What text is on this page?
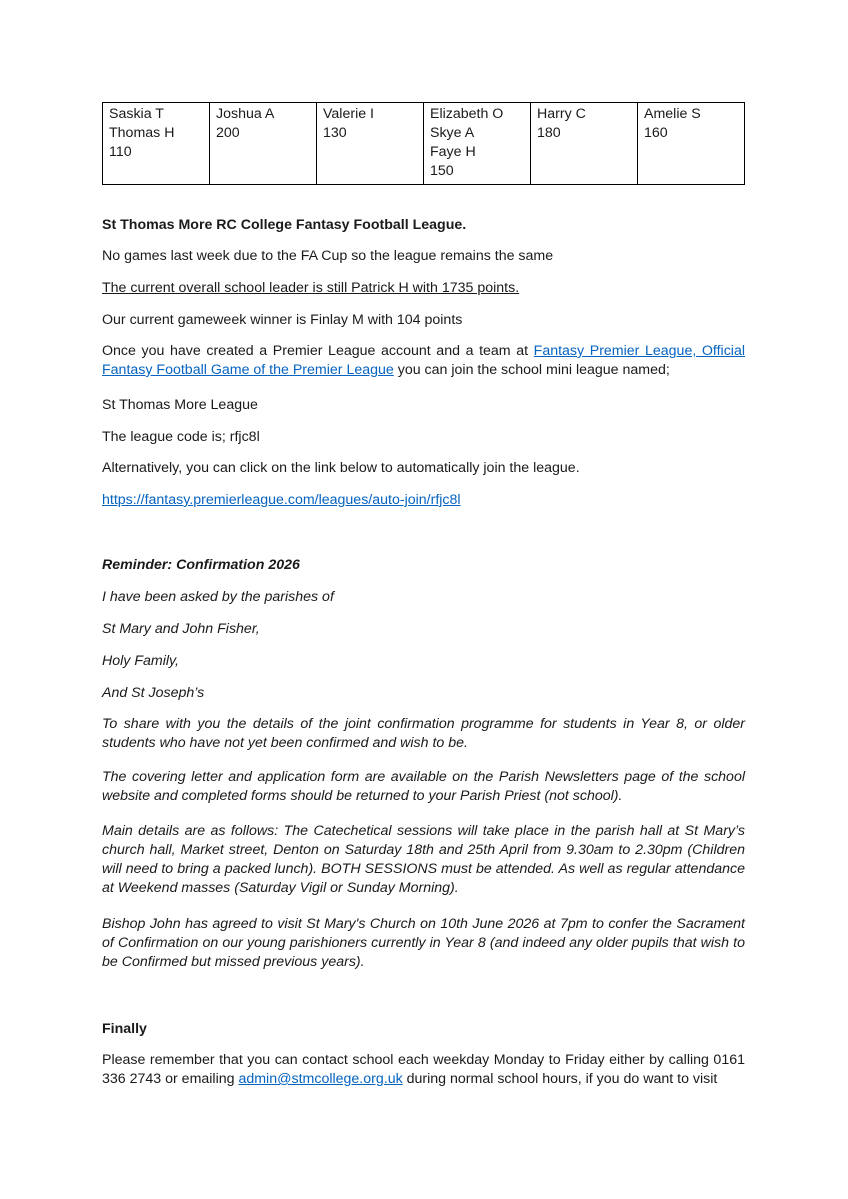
Saskia T
Thomas H
110

Joshua A
200

Valerie I
130

Elizabeth O
Skye A
Faye H
150

Harry C
180

Amelie S
160

St Thomas More RC College Fantasy Football League.

No games last week due to the FA Cup so the league remains the same

The current overall school leader is still Patrick H with 1735 points.

Our current gameweek winner is Finlay M with 104 points

Once you have created a Premier League account and a team at Fantasy Premier League, Official Fantasy Football Game of the Premier League you can join the school mini league named;

St Thomas More League

The league code is; rfjc8l

Alternatively, you can click on the link below to automatically join the league.

https://fantasy.premierleague.com/leagues/auto-join/rfjc8l

Reminder: Confirmation 2026

I have been asked by the parishes of

St Mary and John Fisher,

Holy Family,

And St Joseph’s

To share with you the details of the joint confirmation programme for students in Year 8, or older students who have not yet been confirmed and wish to be.

The covering letter and application form are available on the Parish Newsletters page of the school website and completed forms should be returned to your Parish Priest (not school).

Main details are as follows: The Catechetical sessions will take place in the parish hall at St Mary’s church hall, Market street, Denton on Saturday 18th and 25th April from 9.30am to 2.30pm (Children will need to bring a packed lunch). BOTH SESSIONS must be attended. As well as regular attendance at Weekend masses (Saturday Vigil or Sunday Morning).

Bishop John has agreed to visit St Mary's Church on 10th June 2026 at 7pm to confer the Sacrament of Confirmation on our young parishioners currently in Year 8 (and indeed any older pupils that wish to be Confirmed but missed previous years).

Finally

Please remember that you can contact school each weekday Monday to Friday either by calling 0161 336 2743 or emailing admin@stmcollege.org.uk during normal school hours, if you do want to visit
